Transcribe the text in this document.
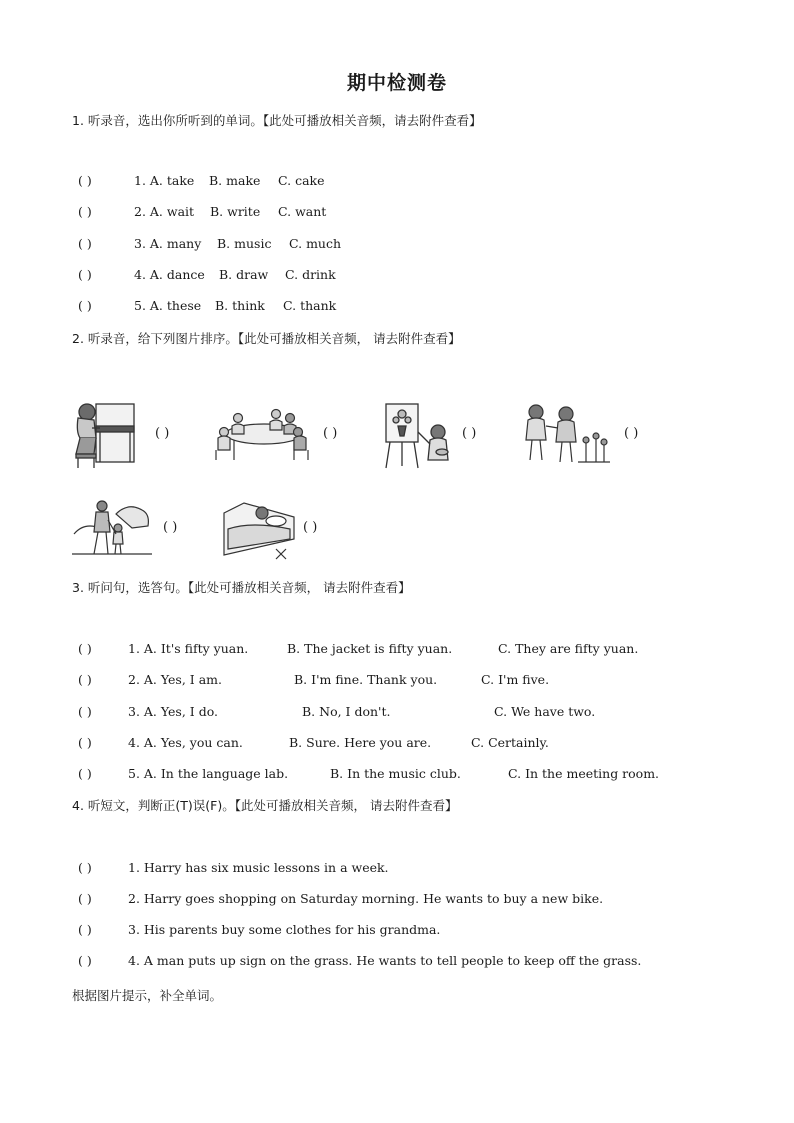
期中检测卷
1. 听录音，选出你所听到的单词。【此处可播放相关音频，请去附件查看】
( )	1. A. take B. make C. cake
( )	2. A. wait B. write C. want
( )	3. A. many B. music C. much
( )	4. A. dance B. draw C. drink
( )	5. A. these B. think C. thank
2. 听录音，给下列图片排序。【此处可播放相关音频， 请去附件查看】
( )	( )	( )	( )
( )	( )
3. 听问句，选答句。【此处可播放相关音频， 请去附件查看】
( )	1. A. It's fifty yuan.	B. The jacket is fifty yuan.	C. They are fifty yuan.
( )	2. A. Yes, I am.	B. I'm fine. Thank you.	C. I'm five.
( )	3. A. Yes, I do.	B. No, I don't.	C. We have two.
( )	4. A. Yes, you can.	B. Sure. Here you are.	C. Certainly.
( )	5. A. In the language lab.	B. In the music club.	C. In the meeting room.
4. 听短文，判断正(T)误(F)。【此处可播放相关音频， 请去附件查看】
( )	1. Harry has six music lessons in a week.
( )	2. Harry goes shopping on Saturday morning. He wants to buy a new bike.
( )	3. His parents buy some clothes for his grandma.
( )	4. A man puts up sign on the grass. He wants to tell people to keep off the grass.
根据图片提示，补全单词。
